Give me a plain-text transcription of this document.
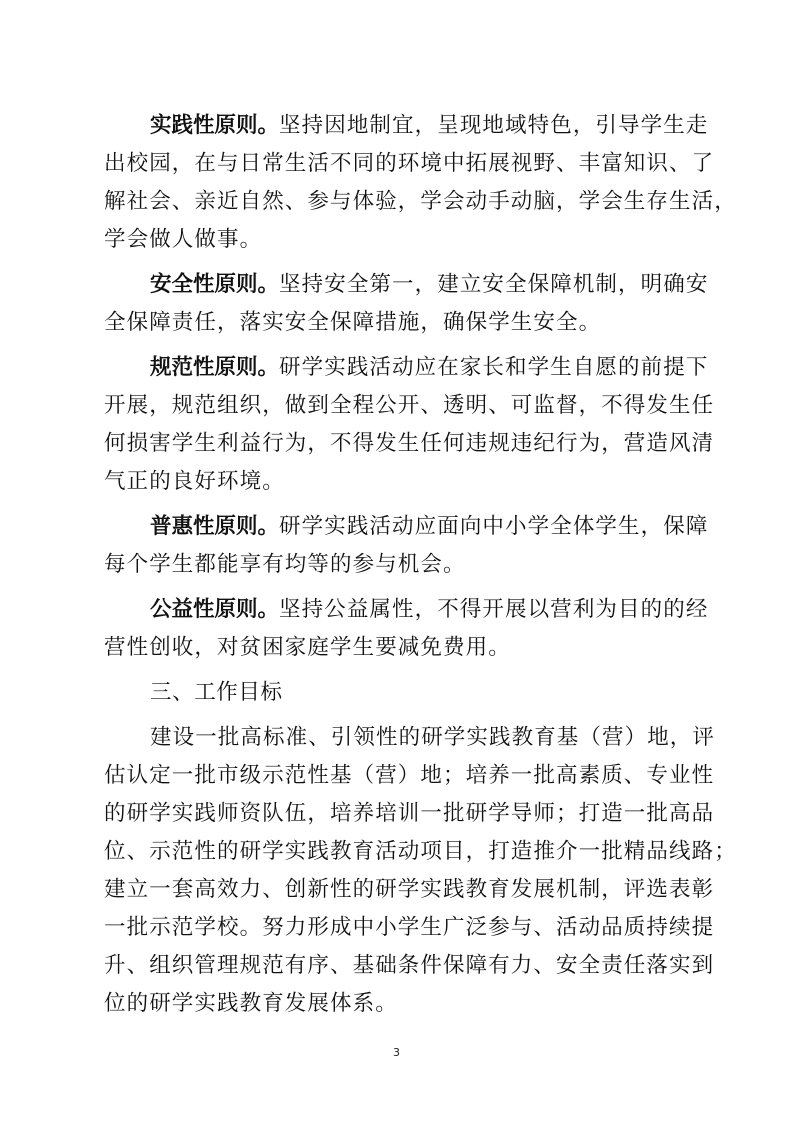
实践性原则。坚持因地制宜，呈现地域特色，引导学生走
出校园，在与日常生活不同的环境中拓展视野、丰富知识、了
解社会、亲近自然、参与体验，学会动手动脑，学会生存生活，
学会做人做事。
安全性原则。坚持安全第一，建立安全保障机制，明确安
全保障责任，落实安全保障措施，确保学生安全。
规范性原则。研学实践活动应在家长和学生自愿的前提下
开展，规范组织，做到全程公开、透明、可监督，不得发生任
何损害学生利益行为，不得发生任何违规违纪行为，营造风清
气正的良好环境。
普惠性原则。研学实践活动应面向中小学全体学生，保障
每个学生都能享有均等的参与机会。
公益性原则。坚持公益属性，不得开展以营利为目的的经
营性创收，对贫困家庭学生要减免费用。
三、工作目标
建设一批高标准、引领性的研学实践教育基（营）地，评
估认定一批市级示范性基（营）地；培养一批高素质、专业性
的研学实践师资队伍，培养培训一批研学导师；打造一批高品
位、示范性的研学实践教育活动项目，打造推介一批精品线路；
建立一套高效力、创新性的研学实践教育发展机制，评选表彰
一批示范学校。努力形成中小学生广泛参与、活动品质持续提
升、组织管理规范有序、基础条件保障有力、安全责任落实到
位的研学实践教育发展体系。
3
